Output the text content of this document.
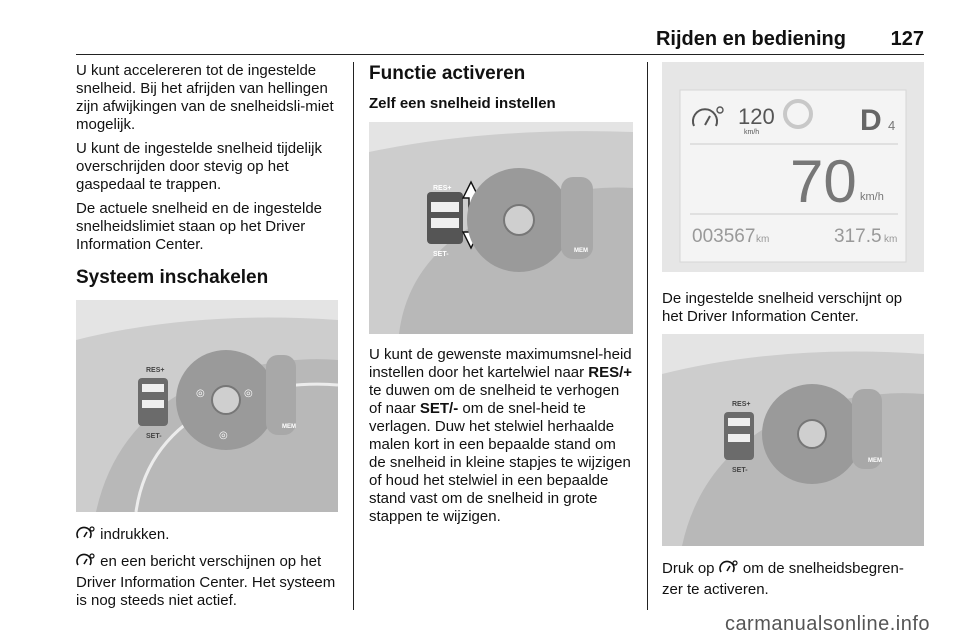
Rijden en bediening 127

U kunt accelereren tot de ingestelde snelheid. Bij het afrijden van hellingen zijn afwijkingen van de snelheidsli-miet mogelijk.

U kunt de ingestelde snelheid tijdelijk overschrijden door stevig op het gaspedaal te trappen.

De actuele snelheid en de ingestelde snelheidslimiet staan op het Driver Information Center.

Systeem inschakelen
RES+
SET-
MEM
◎	◎
◎

indrukken.

en een bericht verschijnen op het Driver Information Center. Het systeem is nog steeds niet actief.

Functie activeren
Zelf een snelheid instellen
RES+
SET-	MEM

U kunt de gewenste maximumsnel-heid instellen door het kartelwiel naar RES/+ te duwen om de snelheid te verhogen of naar SET/- om de snel-heid te verlagen. Duw het stelwiel herhaalde malen kort in een bepaalde stand om de snelheid in kleine stapjes te wijzigen of houd het stelwiel in een bepaalde stand vast om de snelheid in grote stappen te wijzigen.

120
km/h	D 4
70 km/h
003567 km	317.5 km

De ingestelde snelheid verschijnt op het Driver Information Center.

RES+
SET-
MEM

Druk op om de snelheidsbegren-zer te activeren.

carmanualsonline.info
